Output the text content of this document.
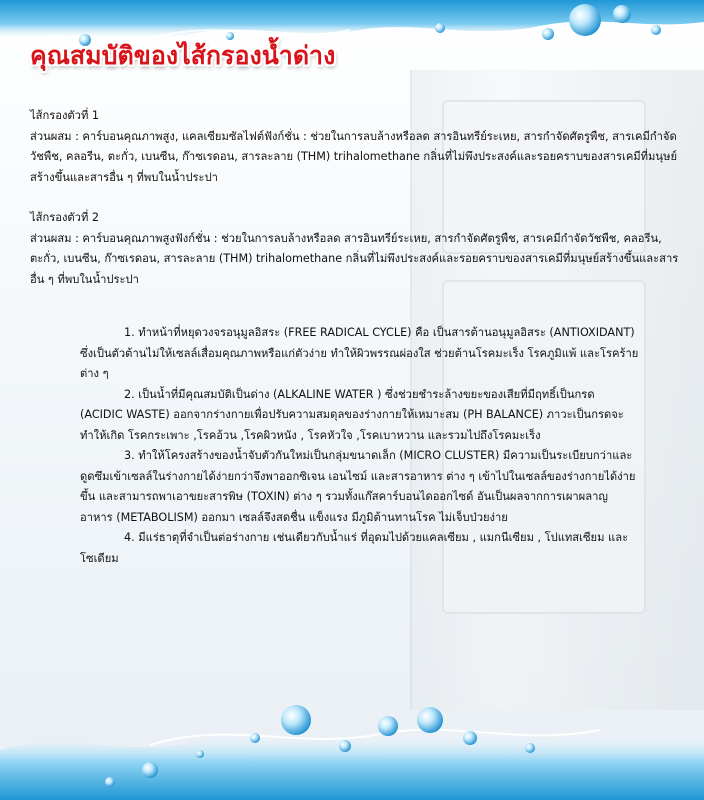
คุณสมบัติของไส้กรองน้ำด่าง

ไส้กรองตัวที่ 1

ส่วนผสม : คาร์บอนคุณภาพสูง, แคลเซียมซัลไฟต์ฟังก์ชั่น : ช่วยในการลบล้างหรือลด สารอินทรีย์ระเหย, สารกำจัดศัตรูพืช, สารเคมีกำจัดวัชพืช, คลอรีน, ตะกั่ว, เบนซีน, ก๊าซเรดอน, สารละลาย (THM) trihalomethane กลิ่นที่ไม่พึงประสงค์และรอยคราบของสารเคมีที่มนุษย์สร้างขึ้นและสารอื่น ๆ ที่พบในน้ำประปา

ไส้กรองตัวที่ 2

ส่วนผสม : คาร์บอนคุณภาพสูงฟังก์ชั่น : ช่วยในการลบล้างหรือลด สารอินทรีย์ระเหย, สารกำจัดศัตรูพืช, สารเคมีกำจัดวัชพืช, คลอรีน, ตะกั่ว, เบนซีน, ก๊าซเรดอน, สารละลาย (THM) trihalomethane กลิ่นที่ไม่พึงประสงค์และรอยคราบของสารเคมีที่มนุษย์สร้างขึ้นและสารอื่น ๆ ที่พบในน้ำประปา

1. ทำหน้าที่หยุดวงจรอนุมูลอิสระ (FREE RADICAL CYCLE) คือ เป็นสารต้านอนุมูลอิสระ (ANTIOXIDANT) ซึ่งเป็นตัวต้านไม่ให้เซลล์เสื่อมคุณภาพหรือแก่ตัวง่าย ทำให้ผิวพรรณผ่องใส ช่วยต้านโรคมะเร็ง โรคภูมิแพ้ และโรคร้ายต่าง ๆ

2. เป็นน้ำที่มีคุณสมบัติเป็นด่าง (ALKALINE WATER ) ซึ่งช่วยชำระล้างขยะของเสียที่มีฤทธิ์เป็นกรด (ACIDIC WASTE) ออกจากร่างกายเพื่อปรับความสมดุลของร่างกายให้เหมาะสม (PH BALANCE) ภาวะเป็นกรดจะทำให้เกิด โรคกระเพาะ ,โรคอ้วน ,โรคผิวหนัง , โรคหัวใจ ,โรคเบาหวาน และรวมไปถึงโรคมะเร็ง

3. ทำให้โครงสร้างของน้ำจับตัวกันใหม่เป็นกลุ่มขนาดเล็ก (MICRO CLUSTER) มีความเป็นระเบียบกว่าและดูดซึมเข้าเซลล์ในร่างกายได้ง่ายกว่าจึงพาออกซิเจน เอนไซม์ และสารอาหาร ต่าง ๆ เข้าไปในเซลล์ของร่างกายได้ง่ายขึ้น และสามารถพาเอาขยะสารพิษ (TOXIN) ต่าง ๆ รวมทั้งแก๊สคาร์บอนไดออกไซด์ อันเป็นผลจากการเผาผลาญอาหาร (METABOLISM) ออกมา เซลล์จึงสดชื่น แข็งแรง มีภูมิต้านทานโรค ไม่เจ็บป่วยง่าย

4. มีแร่ธาตุที่จำเป็นต่อร่างกาย เช่นเดียวกับน้ำแร่ ที่อุดมไปด้วยแคลเซียม , แมกนีเซียม , โปแทสเซียม และโซเดียม
